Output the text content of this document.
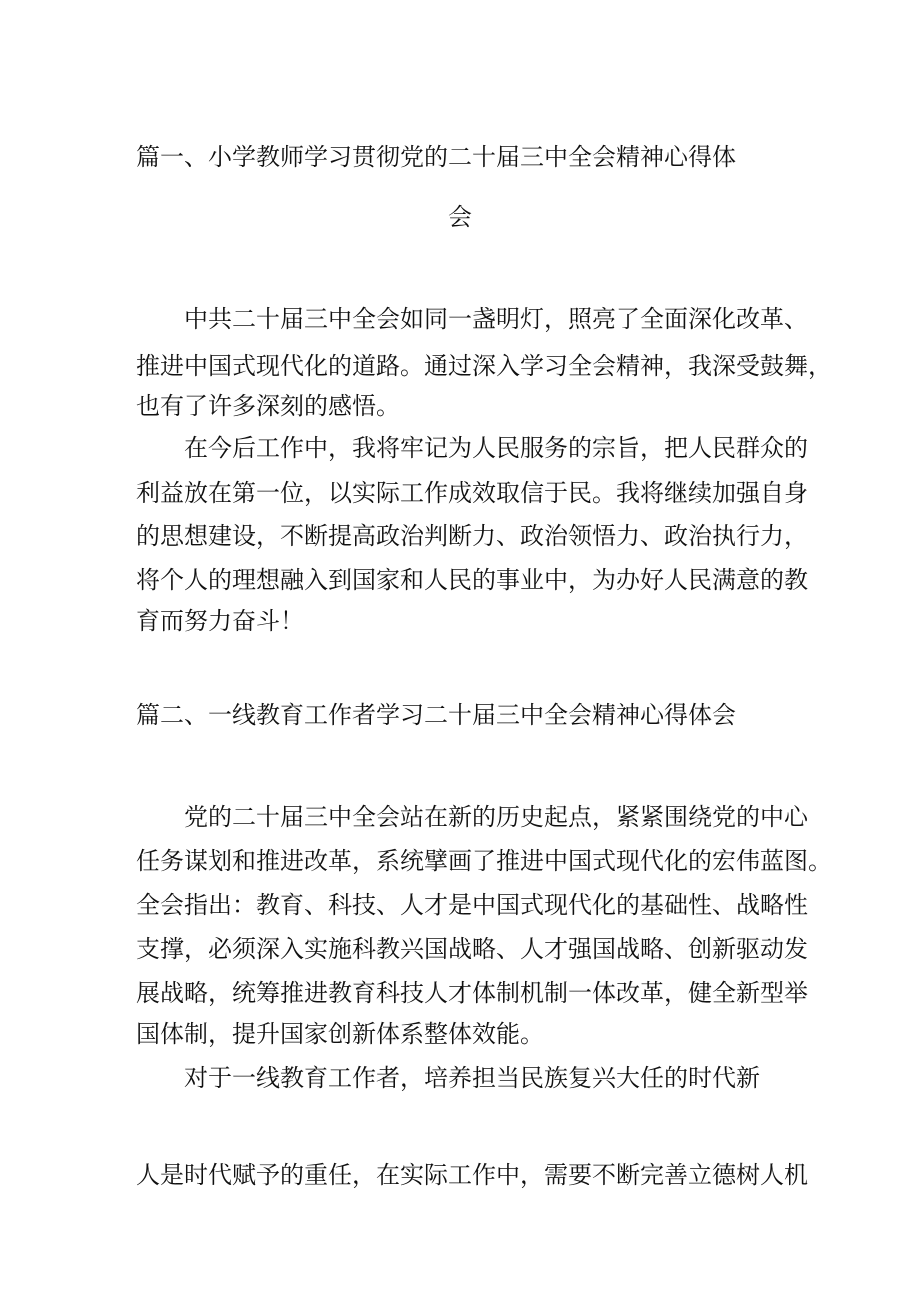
篇一、小学教师学习贯彻党的二十届三中全会精神心得体
会
中共二十届三中全会如同一盏明灯，照亮了全面深化改革、
推进中国式现代化的道路。通过深入学习全会精神，我深受鼓舞，
也有了许多深刻的感悟。
在今后工作中，我将牢记为人民服务的宗旨，把人民群众的
利益放在第一位，以实际工作成效取信于民。我将继续加强自身
的思想建设，不断提高政治判断力、政治领悟力、政治执行力，
将个人的理想融入到国家和人民的事业中，为办好人民满意的教
育而努力奋斗！
篇二、一线教育工作者学习二十届三中全会精神心得体会
党的二十届三中全会站在新的历史起点，紧紧围绕党的中心
任务谋划和推进改革，系统擘画了推进中国式现代化的宏伟蓝图。
全会指出：教育、科技、人才是中国式现代化的基础性、战略性
支撑，必须深入实施科教兴国战略、人才强国战略、创新驱动发
展战略，统筹推进教育科技人才体制机制一体改革，健全新型举
国体制，提升国家创新体系整体效能。
对于一线教育工作者，培养担当民族复兴大任的时代新
人是时代赋予的重任，在实际工作中，需要不断完善立德树人机
